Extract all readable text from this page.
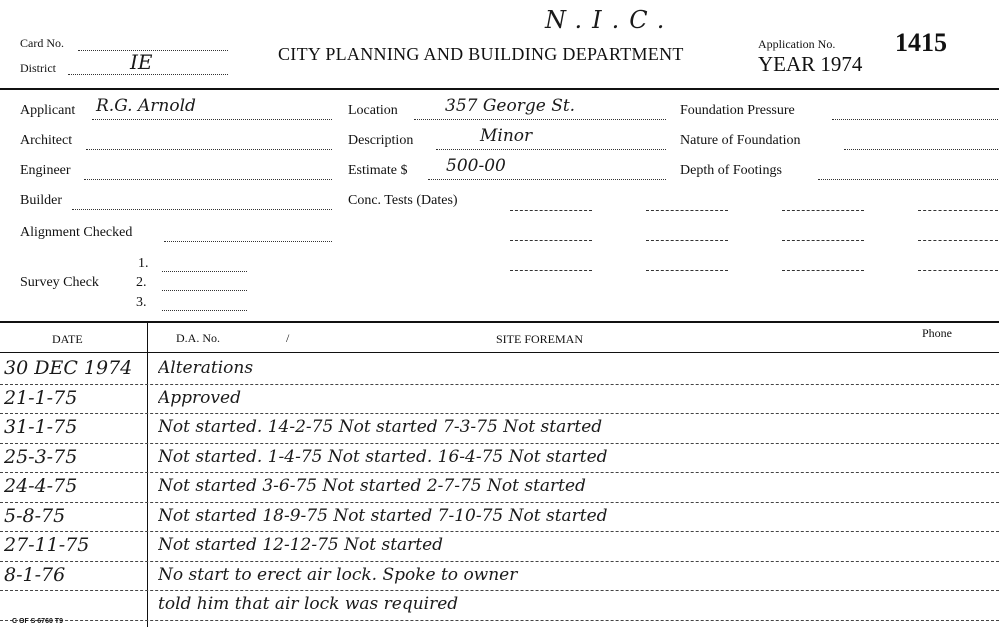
N.I.C.
Card No.
District	IE	CITY PLANNING AND BUILDING DEPARTMENT	Application No.
YEAR 1974
1415
Applicant R.G. Arnold
Architect
Engineer
Builder
Alignment Checked
Survey Check
1.
2.
3.
Location	357 George St.
Description	Minor
Estimate $ 500-00
Conc. Tests (Dates)
Foundation Pressure
Nature of Foundation
Depth of Footings
DATE	D.A. No.	/	SITE FOREMAN	Phone
30 DEC 1974	Alterations
21-1-75	Approved
31-1-75	Not started. 14-2-75 Not started 7-3-75 Not started
25-3-75	Not started. 1-4-75 Not started. 16-4-75 Not started
24-4-75	Not started 3-6-75 Not started 2-7-75 Not started
5-8-75	Not started 18-9-75 Not started 7-10-75 Not started
27-11-75	Not started 12-12-75 Not started
8-1-76	No start to erect air lock. Spoke to owner
told him that air lock was required
C OF S 6760 T9
